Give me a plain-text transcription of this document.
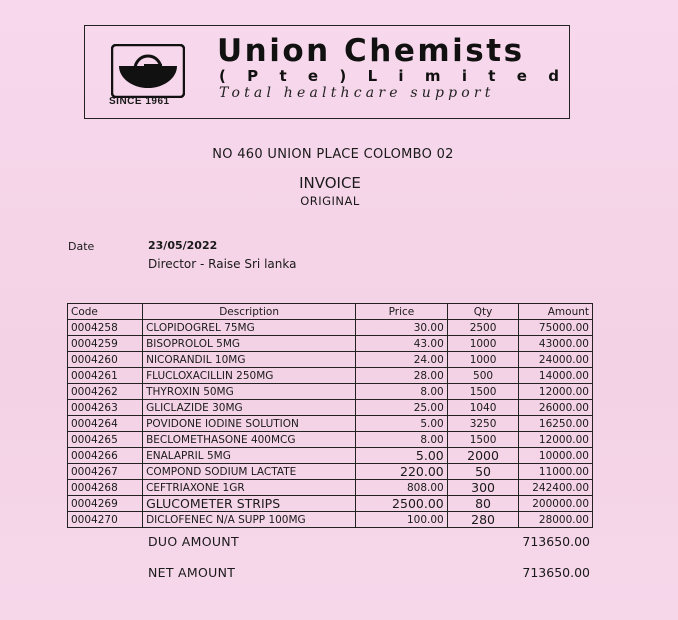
SINCE 1961
Union Chemists
( P t e ) L i m i t e d
Total healthcare support
NO 460 UNION PLACE COLOMBO 02
INVOICE
ORIGINAL
Date	23/05/2022
Director - Raise Sri lanka
Code	Description	Price	Qty	Amount
0004258	CLOPIDOGREL 75MG	30.00	2500	75000.00
0004259	BISOPROLOL 5MG	43.00	1000	43000.00
0004260	NICORANDIL 10MG	24.00	1000	24000.00
0004261	FLUCLOXACILLIN 250MG	28.00	500	14000.00
0004262	THYROXIN 50MG	8.00	1500	12000.00
0004263	GLICLAZIDE 30MG	25.00	1040	26000.00
0004264	POVIDONE IODINE SOLUTION	5.00	3250	16250.00
0004265	BECLOMETHASONE 400MCG	8.00	1500	12000.00
0004266	ENALAPRIL 5MG	5.00	2000	10000.00
0004267	COMPOND SODIUM LACTATE	220.00	50	11000.00
0004268	CEFTRIAXONE 1GR	808.00	300	242400.00
0004269	GLUCOMETER STRIPS	2500.00	80	200000.00
0004270	DICLOFENEC N/A SUPP 100MG	100.00	280	28000.00
DUO AMOUNT	713650.00
NET AMOUNT	713650.00
